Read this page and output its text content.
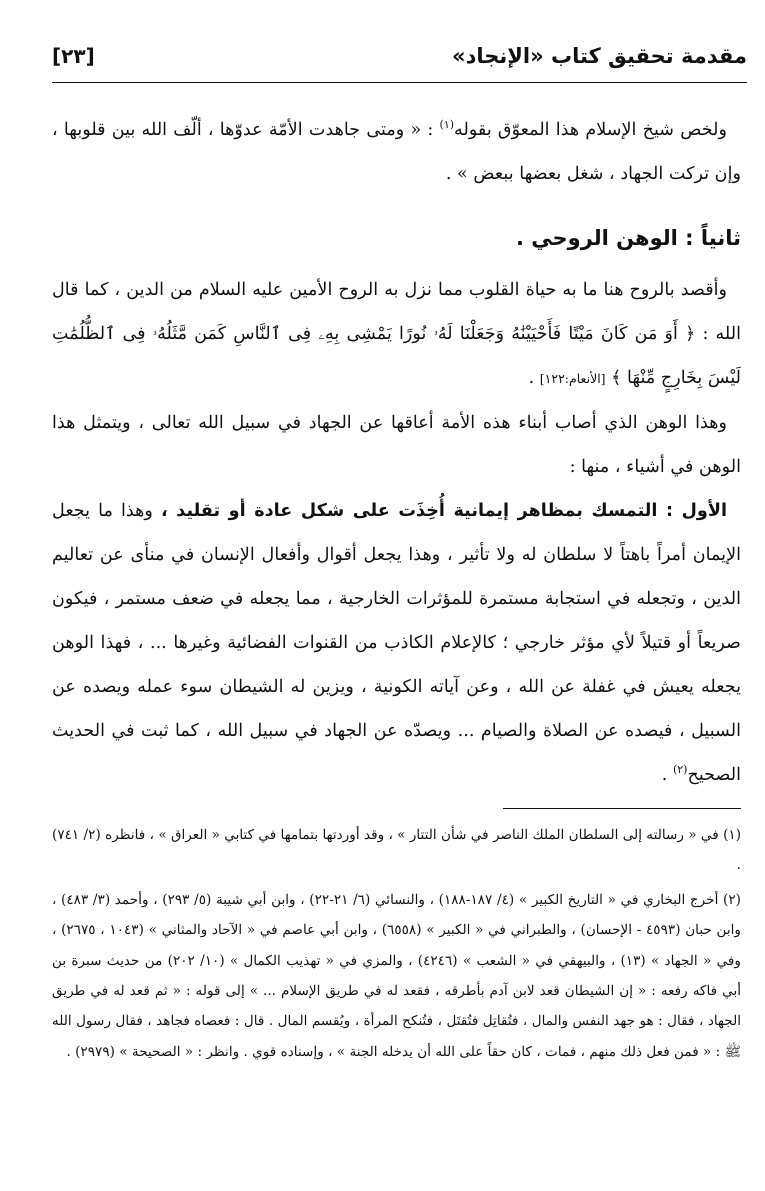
مقدمة تحقيق كتاب «الإنجاد»
[٢٣]

ولخص شيخ الإسلام هذا المعوّق بقوله$^{(١)}$ : « ومتى جاهدت الأمّة عدوّها ، ألّف الله بين قلوبها ، وإن تركت الجهاد ، شغل بعضها ببعض » .

ثانياً : الوهن الروحي .

وأقصد بالروح هنا ما به حياة القلوب مما نزل به الروح الأمين عليه السلام من الدين ، كما قال الله : ﴿ أَوَ مَن كَانَ مَيْتًا فَأَحْيَيْنَٰهُ وَجَعَلْنَا لَهُۥ نُورًا يَمْشِى بِهِۦ فِى ٱلنَّاسِ كَمَن مَّثَلُهُۥ فِى ٱلظُّلُمَٰتِ لَيْسَ بِخَارِجٍ مِّنْهَا ﴾ [الأنعام:١٢٢] .

وهذا الوهن الذي أصاب أبناء هذه الأمة أعاقها عن الجهاد في سبيل الله تعالى ، ويتمثل هذا الوهن في أشياء ، منها :

الأول : التمسك بمظاهر إيمانية أُخِذَت على شكل عادة أو تقليد ، وهذا ما يجعل الإيمان أمراً باهتاً لا سلطان له ولا تأثير ، وهذا يجعل أقوال وأفعال الإنسان في منأى عن تعاليم الدين ، وتجعله في استجابة مستمرة للمؤثرات الخارجية ، مما يجعله في ضعف مستمر ، فيكون صريعاً أو قتيلاً لأي مؤثر خارجي ؛ كالإعلام الكاذب من القنوات الفضائية وغيرها ... ، فهذا الوهن يجعله يعيش في غفلة عن الله ، وعن آياته الكونية ، ويزين له الشيطان سوء عمله ويصده عن السبيل ، فيصده عن الصلاة والصيام ... ويصدّه عن الجهاد في سبيل الله ، كما ثبت في الحديث الصحيح$^{(٢)}$ .

(١) في « رسالته إلى السلطان الملك الناصر في شأن التتار » ، وقد أوردتها بتمامها في كتابي « العراق » ، فانظره (٢/ ٧٤١) .

(٢) أخرج البخاري في « التاريخ الكبير » (٤/ ١٨٧-١٨٨) ، والنسائي (٦/ ٢١-٢٢) ، وابن أبي شيبة (٥/ ٢٩٣) ، وأحمد (٣/ ٤٨٣) ، وابن حبان (٤٥٩٣ - الإحسان) ، والطبراني في « الكبير » (٦٥٥٨) ، وابن أبي عاصم في « الآحاد والمثاني » (١٠٤٣ ، ٢٦٧٥) ، وفي « الجهاد » (١٣) ، والبيهقي في « الشعب » (٤٢٤٦) ، والمزي في « تهذيب الكمال » (١٠/ ٢٠٢) من حديث سبرة بن أبي فاكه رفعه : « إن الشيطان قعد لابن آدم بأطرقه ، فقعد له في طريق الإسلام ... » إلى قوله : « ثم قعد له في طريق الجهاد ، فقال : هو جهد النفس والمال ، فتُقاتِل فتُقتَل ، فتُنكح المرأة ، ويُقسم المال . قال : فعصاه فجاهد ، فقال رسول الله ﷺ : « فمن فعل ذلك منهم ، فمات ، كان حقاً على الله أن يدخله الجنة » ، وإسناده قوي . وانظر : « الصحيحة » (٢٩٧٩) .
